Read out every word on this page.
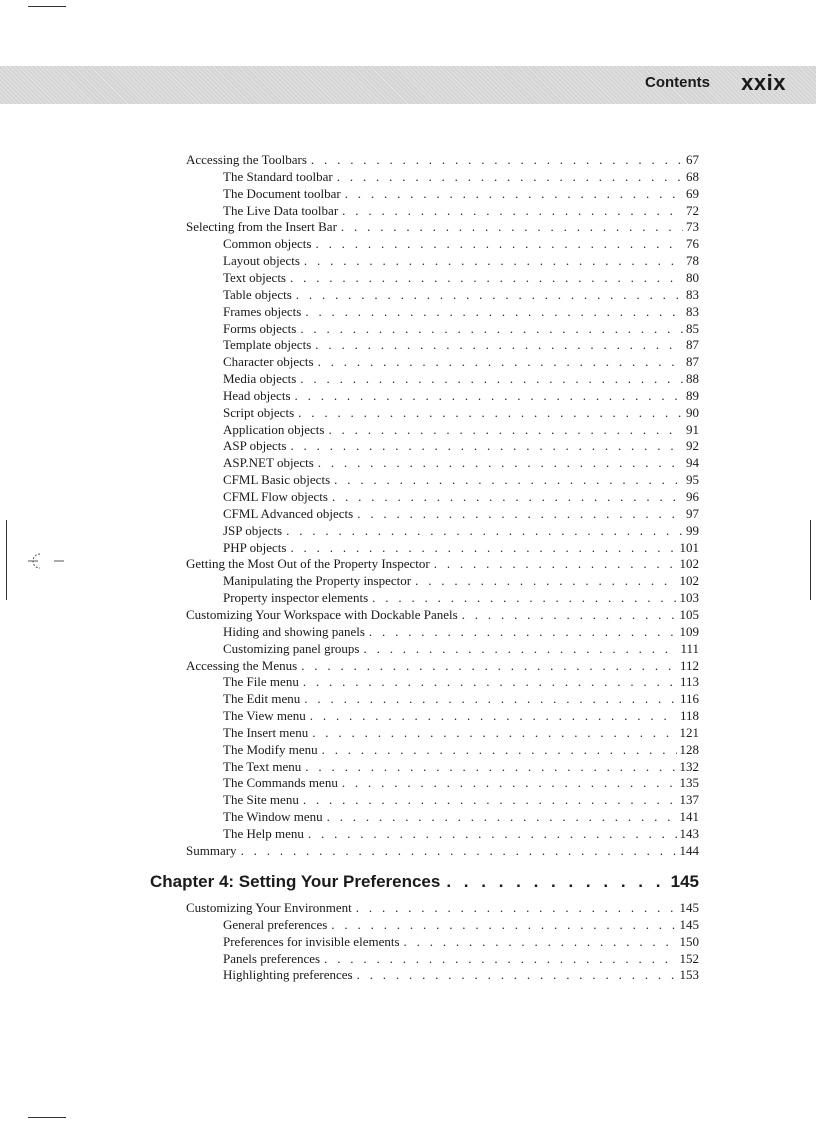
Contents xxix
Accessing the Toolbars . . .	67
The Standard toolbar . . .	68
The Document toolbar . . .	69
The Live Data toolbar . . .	72
Selecting from the Insert Bar . . .	73
Common objects . . .	76
Layout objects . . .	78
Text objects . . .	80
Table objects . . .	83
Frames objects . . .	83
Forms objects . . .	85
Template objects . . .	87
Character objects . . .	87
Media objects . . .	88
Head objects . . .	89
Script objects . . .	90
Application objects . . .	91
ASP objects . . .	92
ASP.NET objects . . .	94
CFML Basic objects . . .	95
CFML Flow objects . . .	96
CFML Advanced objects . . .	97
JSP objects . . .	99
PHP objects . . .	101
Getting the Most Out of the Property Inspector . . .	102
Manipulating the Property inspector . . .	102
Property inspector elements . . .	103
Customizing Your Workspace with Dockable Panels . . .	105
Hiding and showing panels . . .	109
Customizing panel groups . . .	111
Accessing the Menus . . .	112
The File menu . . .	113
The Edit menu . . .	116
The View menu . . .	118
The Insert menu . . .	121
The Modify menu . . .	128
The Text menu . . .	132
The Commands menu . . .	135
The Site menu . . .	137
The Window menu . . .	141
The Help menu . . .	143
Summary . . .	144
Chapter 4: Setting Your Preferences . . .	145
Customizing Your Environment . . .	145
General preferences . . .	145
Preferences for invisible elements . . .	150
Panels preferences . . .	152
Highlighting preferences . . .	153
